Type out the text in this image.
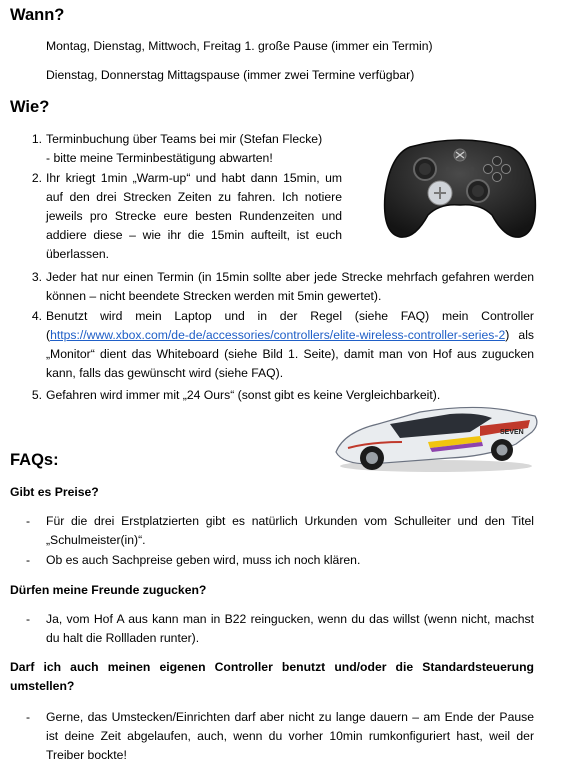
Wann?
Montag, Dienstag, Mittwoch, Freitag 1. große Pause (immer ein Termin)
Dienstag, Donnerstag Mittagspause (immer zwei Termine verfügbar)
Wie?
1. Terminbuchung über Teams bei mir (Stefan Flecke)
- bitte meine Terminbestätigung abwarten!
2. Ihr kriegt 1min „Warm-up“ und habt dann 15min, um auf den drei Strecken Zeiten zu fahren. Ich notiere jeweils pro Strecke eure besten Rundenzeiten und addiere diese – wie ihr die 15min aufteilt, ist euch überlassen.
3. Jeder hat nur einen Termin (in 15min sollte aber jede Strecke mehrfach gefahren werden können – nicht beendete Strecken werden mit 5min gewertet).
4. Benutzt wird mein Laptop und in der Regel (siehe FAQ) mein Controller (https://www.xbox.com/de-de/accessories/controllers/elite-wireless-controller-series-2) als „Monitor“ dient das Whiteboard (siehe Bild 1. Seite), damit man von Hof aus zugucken kann, falls das gewünscht wird (siehe FAQ).
5. Gefahren wird immer mit „24 Ours“ (sonst gibt es keine Vergleichbarkeit).
SEVEN
FAQs:
Gibt es Preise?
- Für die drei Erstplatzierten gibt es natürlich Urkunden vom Schulleiter und den Titel „Schulmeister(in)“.
- Ob es auch Sachpreise geben wird, muss ich noch klären.
Dürfen meine Freunde zugucken?
- Ja, vom Hof A aus kann man in B22 reingucken, wenn du das willst (wenn nicht, machst du halt die Rollladen runter).
Darf ich auch meinen eigenen Controller benutzt und/oder die Standardsteuerung umstellen?
- Gerne, das Umstecken/Einrichten darf aber nicht zu lange dauern – am Ende der Pause ist deine Zeit abgelaufen, auch, wenn du vorher 10min rumkonfiguriert hast, weil der Treiber bockte!
